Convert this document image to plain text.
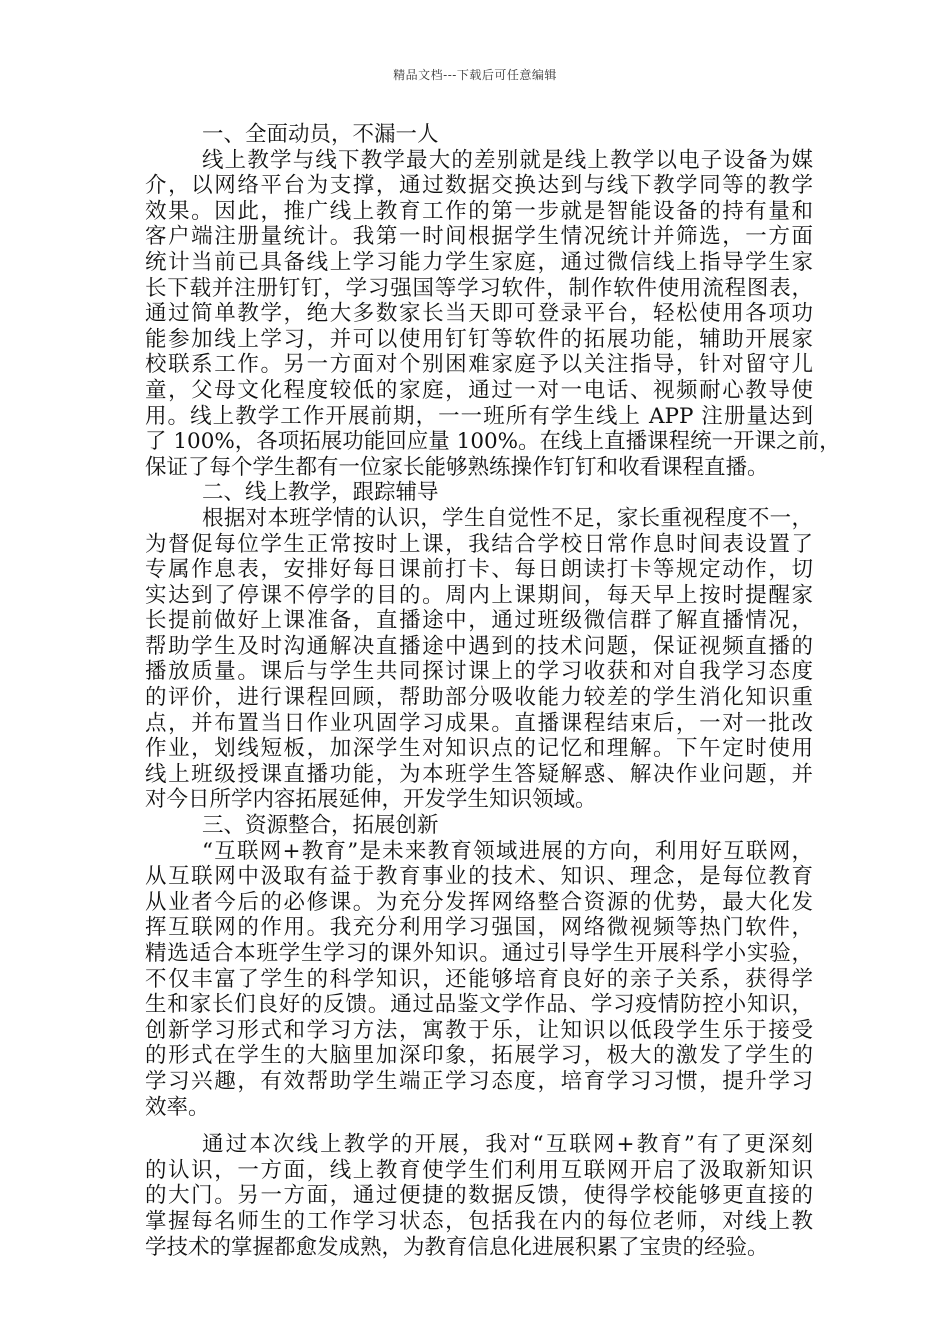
精品文档---下载后可任意编辑
一、全面动员，不漏一人
线上教学与线下教学最大的差别就是线上教学以电子设备为媒
介，以网络平台为支撑，通过数据交换达到与线下教学同等的教学
效果。因此，推广线上教育工作的第一步就是智能设备的持有量和
客户端注册量统计。我第一时间根据学生情况统计并筛选，一方面
统计当前已具备线上学习能力学生家庭，通过微信线上指导学生家
长下载并注册钉钉，学习强国等学习软件，制作软件使用流程图表，
通过简单教学，绝大多数家长当天即可登录平台，轻松使用各项功
能参加线上学习，并可以使用钉钉等软件的拓展功能，辅助开展家
校联系工作。另一方面对个别困难家庭予以关注指导，针对留守儿
童，父母文化程度较低的家庭，通过一对一电话、视频耐心教导使
用。线上教学工作开展前期，一一班所有学生线上 APP 注册量达到
了 100%，各项拓展功能回应量 100%。在线上直播课程统一开课之前，
保证了每个学生都有一位家长能够熟练操作钉钉和收看课程直播。
二、线上教学，跟踪辅导
根据对本班学情的认识，学生自觉性不足，家长重视程度不一，
为督促每位学生正常按时上课，我结合学校日常作息时间表设置了
专属作息表，安排好每日课前打卡、每日朗读打卡等规定动作，切
实达到了停课不停学的目的。周内上课期间，每天早上按时提醒家
长提前做好上课准备，直播途中，通过班级微信群了解直播情况，
帮助学生及时沟通解决直播途中遇到的技术问题，保证视频直播的
播放质量。课后与学生共同探讨课上的学习收获和对自我学习态度
的评价，进行课程回顾，帮助部分吸收能力较差的学生消化知识重
点，并布置当日作业巩固学习成果。直播课程结束后，一对一批改
作业，划线短板，加深学生对知识点的记忆和理解。下午定时使用
线上班级授课直播功能，为本班学生答疑解惑、解决作业问题，并
对今日所学内容拓展延伸，开发学生知识领域。
三、资源整合，拓展创新
“互联网+教育”是未来教育领域进展的方向，利用好互联网，
从互联网中汲取有益于教育事业的技术、知识、理念，是每位教育
从业者今后的必修课。为充分发挥网络整合资源的优势，最大化发
挥互联网的作用。我充分利用学习强国，网络微视频等热门软件，
精选适合本班学生学习的课外知识。通过引导学生开展科学小实验，
不仅丰富了学生的科学知识，还能够培育良好的亲子关系，获得学
生和家长们良好的反馈。通过品鉴文学作品、学习疫情防控小知识，
创新学习形式和学习方法，寓教于乐，让知识以低段学生乐于接受
的形式在学生的大脑里加深印象，拓展学习，极大的激发了学生的
学习兴趣，有效帮助学生端正学习态度，培育学习习惯，提升学习
效率。
通过本次线上教学的开展，我对“互联网+教育”有了更深刻
的认识，一方面，线上教育使学生们利用互联网开启了汲取新知识
的大门。另一方面，通过便捷的数据反馈，使得学校能够更直接的
掌握每名师生的工作学习状态，包括我在内的每位老师，对线上教
学技术的掌握都愈发成熟，为教育信息化进展积累了宝贵的经验。
